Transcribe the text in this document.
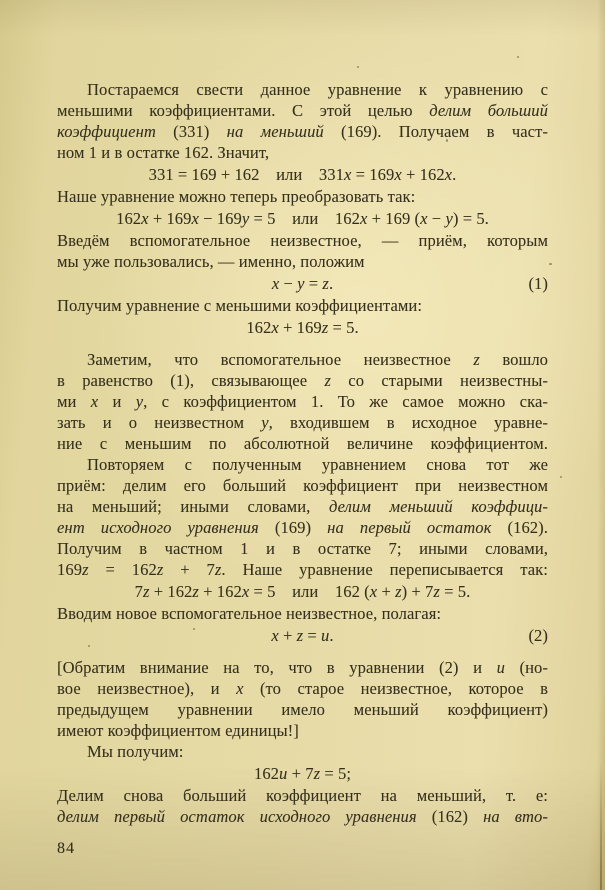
Постараемся свести данное уравнение к уравнению с
меньшими коэффициентами. С этой целью делим больший
коэффициент (331) на меньший (169). Получаем в част-
ном 1 и в остатке 162. Значит,
331 = 169 + 162 или 331x = 169x + 162x.
Наше уравнение можно теперь преобразовать так:
162x + 169x − 169y = 5 или 162x + 169 (x − y) = 5.
Введём вспомогательное неизвестное, — приём, которым
мы уже пользовались, — именно, положим
x − y = z.	(1)
Получим уравнение с меньшими коэффициентами:
162x + 169z = 5.
Заметим, что вспомогательное неизвестное z вошло
в равенство (1), связывающее z со старыми неизвестны-
ми x и y, с коэффициентом 1. То же самое можно ска-
зать и о неизвестном y, входившем в исходное уравне-
ние с меньшим по абсолютной величине коэффициентом.
Повторяем с полученным уравнением снова тот же
приём: делим его больший коэффициент при неизвестном
на меньший; иными словами, делим меньший коэффици-
ент исходного уравнения (169) на первый остаток (162).
Получим в частном 1 и в остатке 7; иными словами,
169z = 162z + 7z. Наше уравнение переписывается так:
7z + 162z + 162x = 5 или 162 (x + z) + 7z = 5.
Вводим новое вспомогательное неизвестное, полагая:
x + z = u.	(2)
[Обратим внимание на то, что в уравнении (2) и u (но-
вое неизвестное), и x (то старое неизвестное, которое в
предыдущем уравнении имело меньший коэффициент)
имеют коэффициентом единицы!]
Мы получим:
162u + 7z = 5;
Делим снова больший коэффициент на меньший, т. е:
делим первый остаток исходного уравнения (162) на вто-
84
